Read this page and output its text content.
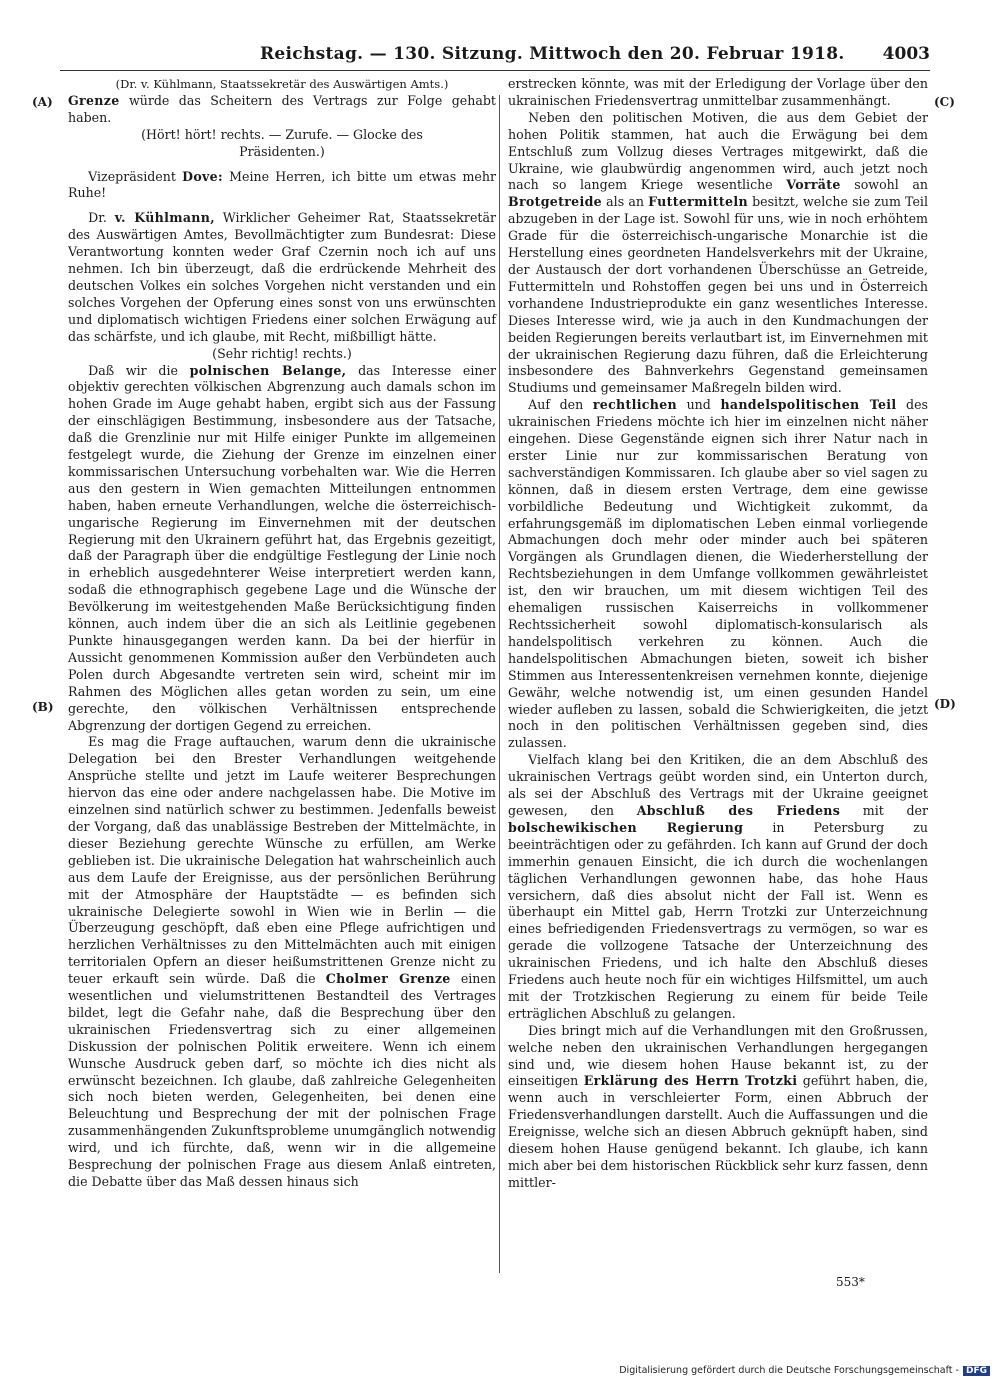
Reichstag. — 130. Sitzung. Mittwoch den 20. Februar 1918. 4003
(A)
(B)
(C)
(D)

(Dr. v. Kühlmann, Staatssekretär des Auswärtigen Amts.)

Grenze würde das Scheitern des Vertrags zur Folge gehabt haben.

(Hört! hört! rechts. — Zurufe. — Glocke des Präsidenten.)

Vizepräsident Dove: Meine Herren, ich bitte um etwas mehr Ruhe!

Dr. v. Kühlmann, Wirklicher Geheimer Rat, Staatssekretär des Auswärtigen Amtes, Bevollmächtigter zum Bundesrat: Diese Verantwortung konnten weder Graf Czernin noch ich auf uns nehmen. Ich bin überzeugt, daß die erdrückende Mehrheit des deutschen Volkes ein solches Vorgehen nicht verstanden und ein solches Vorgehen der Opferung eines sonst von uns erwünschten und diplomatisch wichtigen Friedens einer solchen Erwägung auf das schärfste, und ich glaube, mit Recht, mißbilligt hätte.

(Sehr richtig! rechts.)

Daß wir die polnischen Belange, das Interesse einer objektiv gerechten völkischen Abgrenzung auch damals schon im hohen Grade im Auge gehabt haben, ergibt sich aus der Fassung der einschlägigen Bestimmung, insbesondere aus der Tatsache, daß die Grenzlinie nur mit Hilfe einiger Punkte im allgemeinen festgelegt wurde, die Ziehung der Grenze im einzelnen einer kommissarischen Untersuchung vorbehalten war. Wie die Herren aus den gestern in Wien gemachten Mitteilungen entnommen haben, haben erneute Verhandlungen, welche die österreichisch-ungarische Regierung im Einvernehmen mit der deutschen Regierung mit den Ukrainern geführt hat, das Ergebnis gezeitigt, daß der Paragraph über die endgültige Festlegung der Linie noch in erheblich ausgedehnterer Weise interpretiert werden kann, sodaß die ethnographisch gegebene Lage und die Wünsche der Bevölkerung im weitestgehenden Maße Berücksichtigung finden können, auch indem über die an sich als Leitlinie gegebenen Punkte hinausgegangen werden kann. Da bei der hierfür in Aussicht genommenen Kommission außer den Verbündeten auch Polen durch Abgesandte vertreten sein wird, scheint mir im Rahmen des Möglichen alles getan worden zu sein, um eine gerechte, den völkischen Verhältnissen entsprechende Abgrenzung der dortigen Gegend zu erreichen.

Es mag die Frage auftauchen, warum denn die ukrainische Delegation bei den Brester Verhandlungen weitgehende Ansprüche stellte und jetzt im Laufe weiterer Besprechungen hiervon das eine oder andere nachgelassen habe. Die Motive im einzelnen sind natürlich schwer zu bestimmen. Jedenfalls beweist der Vorgang, daß das unablässige Bestreben der Mittelmächte, in dieser Beziehung gerechte Wünsche zu erfüllen, am Werke geblieben ist. Die ukrainische Delegation hat wahrscheinlich auch aus dem Laufe der Ereignisse, aus der persönlichen Berührung mit der Atmosphäre der Hauptstädte — es befinden sich ukrainische Delegierte sowohl in Wien wie in Berlin — die Überzeugung geschöpft, daß eben eine Pflege aufrichtigen und herzlichen Verhältnisses zu den Mittelmächten auch mit einigen territorialen Opfern an dieser heißumstrittenen Grenze nicht zu teuer erkauft sein würde. Daß die Cholmer Grenze einen wesentlichen und vielumstrittenen Bestandteil des Vertrages bildet, legt die Gefahr nahe, daß die Besprechung über den ukrainischen Friedensvertrag sich zu einer allgemeinen Diskussion der polnischen Politik erweitere. Wenn ich einem Wunsche Ausdruck geben darf, so möchte ich dies nicht als erwünscht bezeichnen. Ich glaube, daß zahlreiche Gelegenheiten sich noch bieten werden, Gelegenheiten, bei denen eine Beleuchtung und Besprechung der mit der polnischen Frage zusammenhängenden Zukunftsprobleme unumgänglich notwendig wird, und ich fürchte, daß, wenn wir in die allgemeine Besprechung der polnischen Frage aus diesem Anlaß eintreten, die Debatte über das Maß dessen hinaus sich

erstrecken könnte, was mit der Erledigung der Vorlage über den ukrainischen Friedensvertrag unmittelbar zusammenhängt.

Neben den politischen Motiven, die aus dem Gebiet der hohen Politik stammen, hat auch die Erwägung bei dem Entschluß zum Vollzug dieses Vertrages mitgewirkt, daß die Ukraine, wie glaubwürdig angenommen wird, auch jetzt noch nach so langem Kriege wesentliche Vorräte sowohl an Brotgetreide als an Futtermitteln besitzt, welche sie zum Teil abzugeben in der Lage ist. Sowohl für uns, wie in noch erhöhtem Grade für die österreichisch-ungarische Monarchie ist die Herstellung eines geordneten Handelsverkehrs mit der Ukraine, der Austausch der dort vorhandenen Überschüsse an Getreide, Futtermitteln und Rohstoffen gegen bei uns und in Österreich vorhandene Industrieprodukte ein ganz wesentliches Interesse. Dieses Interesse wird, wie ja auch in den Kundmachungen der beiden Regierungen bereits verlautbart ist, im Einvernehmen mit der ukrainischen Regierung dazu führen, daß die Erleichterung insbesondere des Bahnverkehrs Gegenstand gemeinsamen Studiums und gemeinsamer Maßregeln bilden wird.

Auf den rechtlichen und handelspolitischen Teil des ukrainischen Friedens möchte ich hier im einzelnen nicht näher eingehen. Diese Gegenstände eignen sich ihrer Natur nach in erster Linie nur zur kommissarischen Beratung von sachverständigen Kommissaren. Ich glaube aber so viel sagen zu können, daß in diesem ersten Vertrage, dem eine gewisse vorbildliche Bedeutung und Wichtigkeit zukommt, da erfahrungsgemäß im diplomatischen Leben einmal vorliegende Abmachungen doch mehr oder minder auch bei späteren Vorgängen als Grundlagen dienen, die Wiederherstellung der Rechtsbeziehungen in dem Umfange vollkommen gewährleistet ist, den wir brauchen, um mit diesem wichtigen Teil des ehemaligen russischen Kaiserreichs in vollkommener Rechtssicherheit sowohl diplomatisch-konsularisch als handelspolitisch verkehren zu können. Auch die handelspolitischen Abmachungen bieten, soweit ich bisher Stimmen aus Interessentenkreisen vernehmen konnte, diejenige Gewähr, welche notwendig ist, um einen gesunden Handel wieder aufleben zu lassen, sobald die Schwierigkeiten, die jetzt noch in den politischen Verhältnissen gegeben sind, dies zulassen.

Vielfach klang bei den Kritiken, die an dem Abschluß des ukrainischen Vertrags geübt worden sind, ein Unterton durch, als sei der Abschluß des Vertrags mit der Ukraine geeignet gewesen, den Abschluß des Friedens mit der bolschewikischen Regierung in Petersburg zu beeinträchtigen oder zu gefährden. Ich kann auf Grund der doch immerhin genauen Einsicht, die ich durch die wochenlangen täglichen Verhandlungen gewonnen habe, das hohe Haus versichern, daß dies absolut nicht der Fall ist. Wenn es überhaupt ein Mittel gab, Herrn Trotzki zur Unterzeichnung eines befriedigenden Friedensvertrags zu vermögen, so war es gerade die vollzogene Tatsache der Unterzeichnung des ukrainischen Friedens, und ich halte den Abschluß dieses Friedens auch heute noch für ein wichtiges Hilfsmittel, um auch mit der Trotzkischen Regierung zu einem für beide Teile erträglichen Abschluß zu gelangen.

Dies bringt mich auf die Verhandlungen mit den Großrussen, welche neben den ukrainischen Verhandlungen hergegangen sind und, wie diesem hohen Hause bekannt ist, zu der einseitigen Erklärung des Herrn Trotzki geführt haben, die, wenn auch in verschleierter Form, einen Abbruch der Friedensverhandlungen darstellt. Auch die Auffassungen und die Ereignisse, welche sich an diesen Abbruch geknüpft haben, sind diesem hohen Hause genügend bekannt. Ich glaube, ich kann mich aber bei dem historischen Rückblick sehr kurz fassen, denn mittler-

553*
Digitalisierung gefördert durch die Deutsche Forschungsgemeinschaft - DFG
